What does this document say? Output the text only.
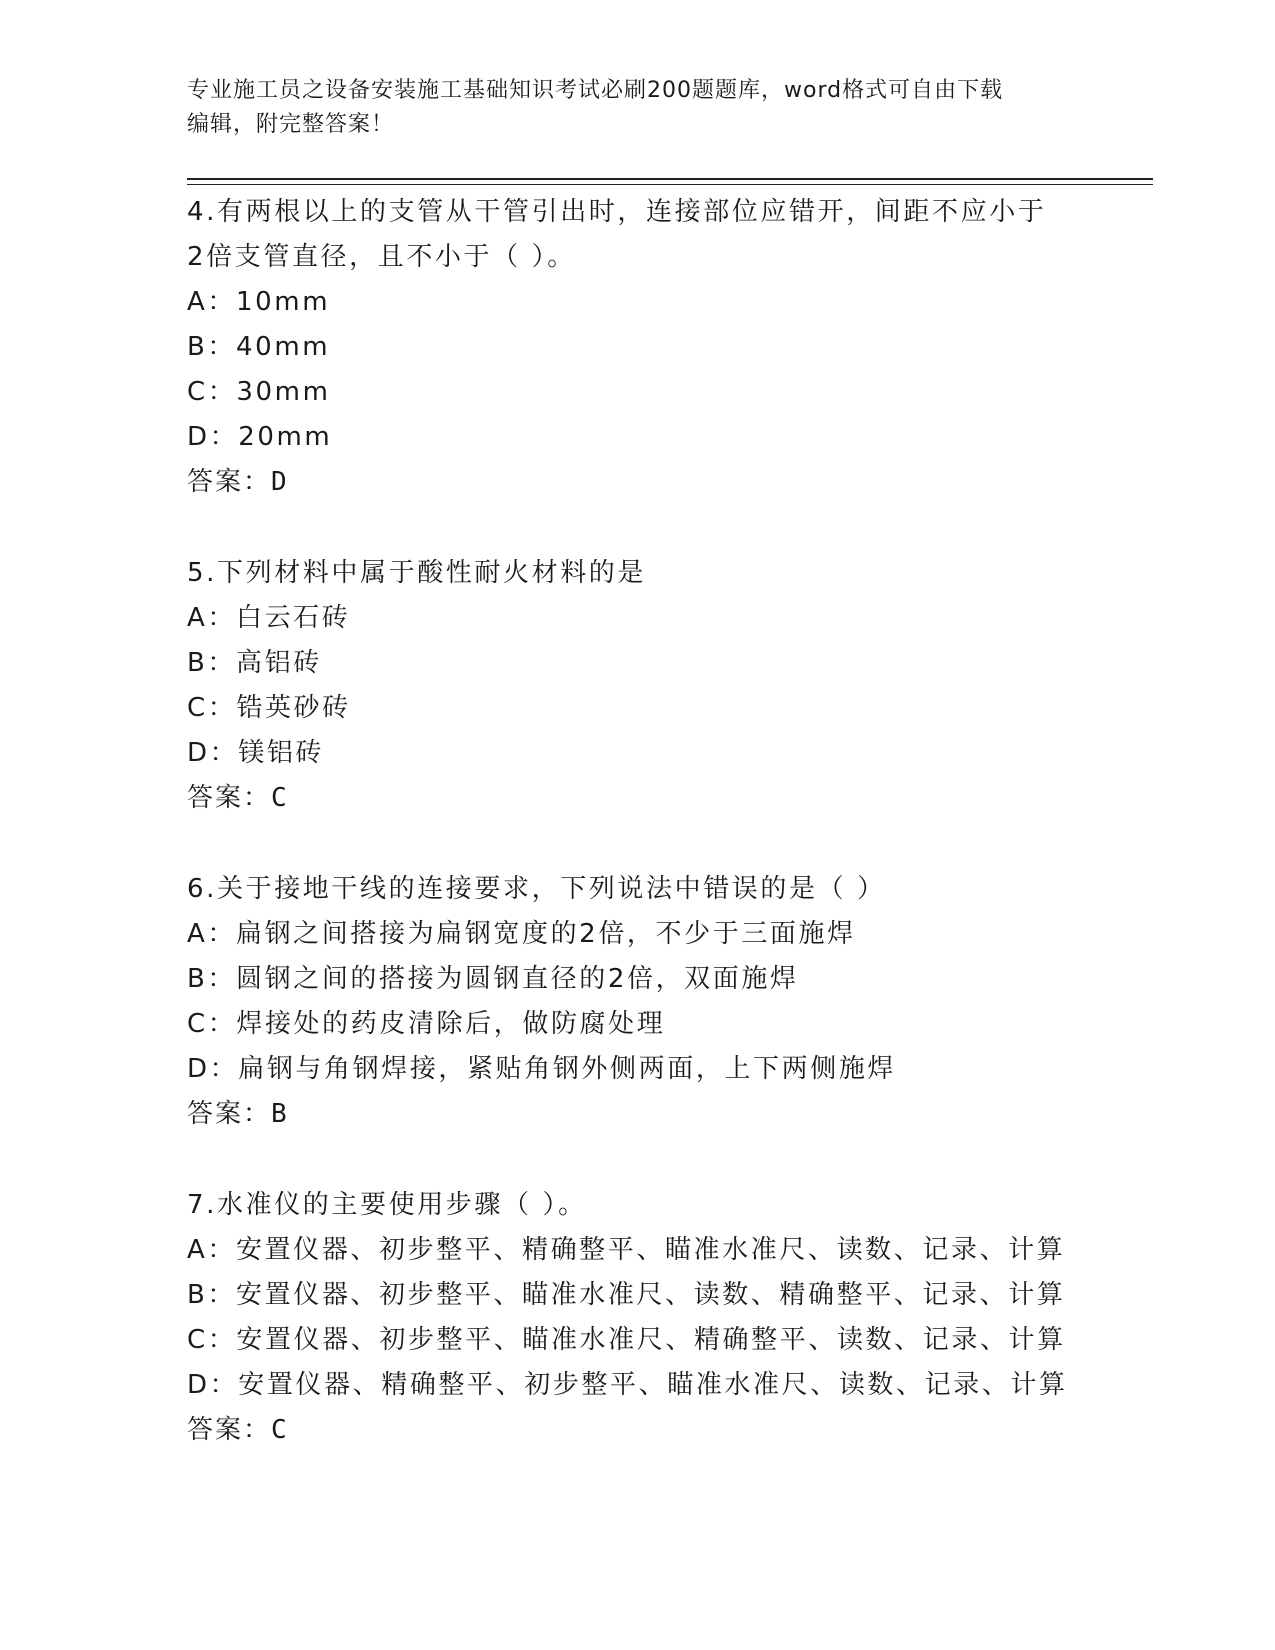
专业施工员之设备安装施工基础知识考试必刷200题题库，word格式可自由下载
编辑，附完整答案！
4.有两根以上的支管从干管引出时，连接部位应错开，间距不应小于
2倍支管直径，且不小于（ ）。
A：10mm
B：40mm
C：30mm
D：20mm
答案：D
5.下列材料中属于酸性耐火材料的是
A：白云石砖
B：高铝砖
C：锆英砂砖
D：镁铝砖
答案：C
6.关于接地干线的连接要求，下列说法中错误的是（ ）
A：扁钢之间搭接为扁钢宽度的2倍，不少于三面施焊
B：圆钢之间的搭接为圆钢直径的2倍，双面施焊
C：焊接处的药皮清除后，做防腐处理
D：扁钢与角钢焊接，紧贴角钢外侧两面，上下两侧施焊
答案：B
7.水准仪的主要使用步骤（ ）。
A：安置仪器、初步整平、精确整平、瞄准水准尺、读数、记录、计算
B：安置仪器、初步整平、瞄准水准尺、读数、精确整平、记录、计算
C：安置仪器、初步整平、瞄准水准尺、精确整平、读数、记录、计算
D：安置仪器、精确整平、初步整平、瞄准水准尺、读数、记录、计算
答案：C
